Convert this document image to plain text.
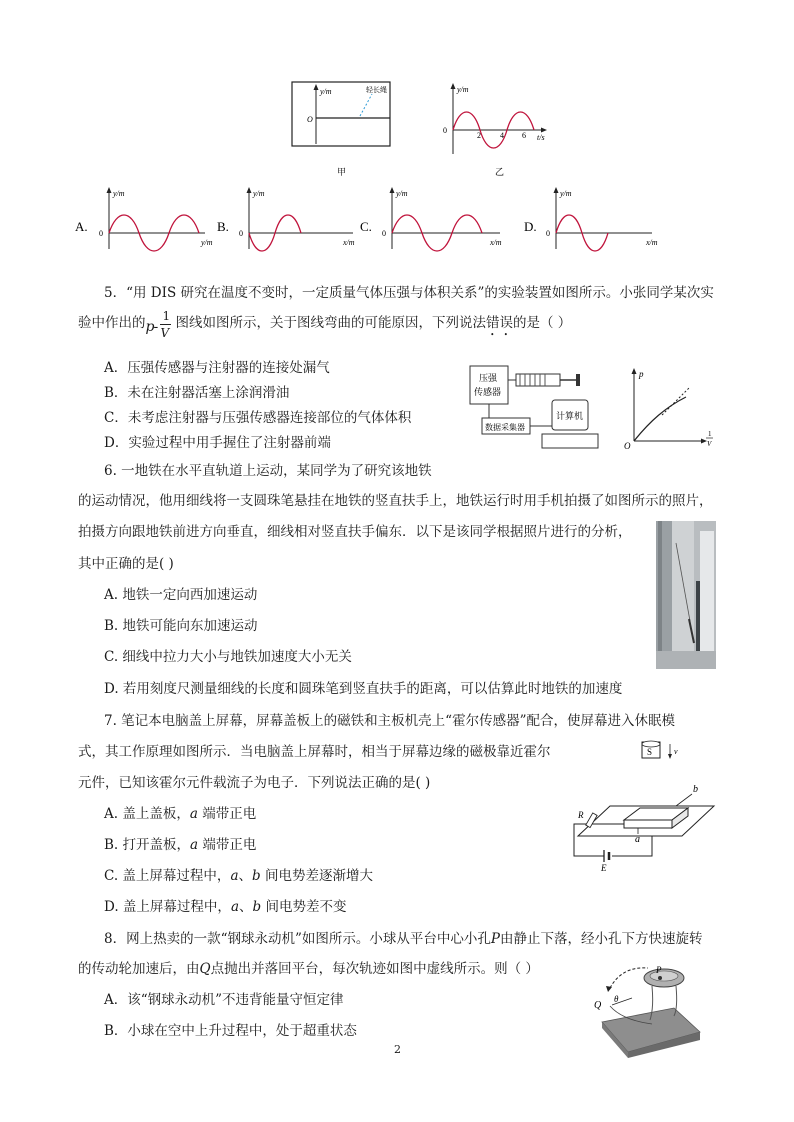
y/m
O
轻长绳
甲
y/m
0
2 4 6 t/s
乙
A.
y/m
0
y/m
B.
y/m
0
x/m
C.
y/m
0
x/m
D.
y/m
0
x/m
5．“用 DIS 研究在温度不变时，一定质量气体压强与体积关系”的实验装置如图所示。小张同学某次实
验中作出的 p -
1
V
图线如图所示，关于图线弯曲的可能原因，下列说法错误的是（ ）
A．压强传感器与注射器的连接处漏气
B．未在注射器活塞上涂润滑油
C．未考虑注射器与压强传感器连接部位的气体体积
D．实验过程中用手握住了注射器前端
压强
传感器
数据采集器
计算机
p
O
1
V
6. 一地铁在水平直轨道上运动，某同学为了研究该地铁
的运动情况，他用细线将一支圆珠笔悬挂在地铁的竖直扶手上，地铁运行时用手机拍摄了如图所示的照片，
拍摄方向跟地铁前进方向垂直，细线相对竖直扶手偏东．以下是该同学根据照片进行的分析，
其中正确的是( )
A. 地铁一定向西加速运动
B. 地铁可能向东加速运动
C. 细线中拉力大小与地铁加速度大小无关
D. 若用刻度尺测量细线的长度和圆珠笔到竖直扶手的距离，可以估算此时地铁的加速度
7. 笔记本电脑盖上屏幕，屏幕盖板上的磁铁和主板机壳上“霍尔传感器”配合，使屏幕进入休眠模
式，其工作原理如图所示．当电脑盖上屏幕时，相当于屏幕边缘的磁极靠近霍尔
元件，已知该霍尔元件载流子为电子．下列说法正确的是( )
A. 盖上盖板，a 端带正电
B. 打开盖板，a 端带正电
C. 盖上屏幕过程中，a、b 间电势差逐渐增大
D. 盖上屏幕过程中，a、b 间电势差不变
S	v
b
a
E
R
8．网上热卖的一款“钢球永动机”如图所示。小球从平台中心小孔P由静止下落，经小孔下方快速旋转
的传动轮加速后，由Q点抛出并落回平台，每次轨迹如图中虚线所示。则（ ）
A．该“钢球永动机”不违背能量守恒定律
B．小球在空中上升过程中，处于超重状态
P
Q
θ
2
